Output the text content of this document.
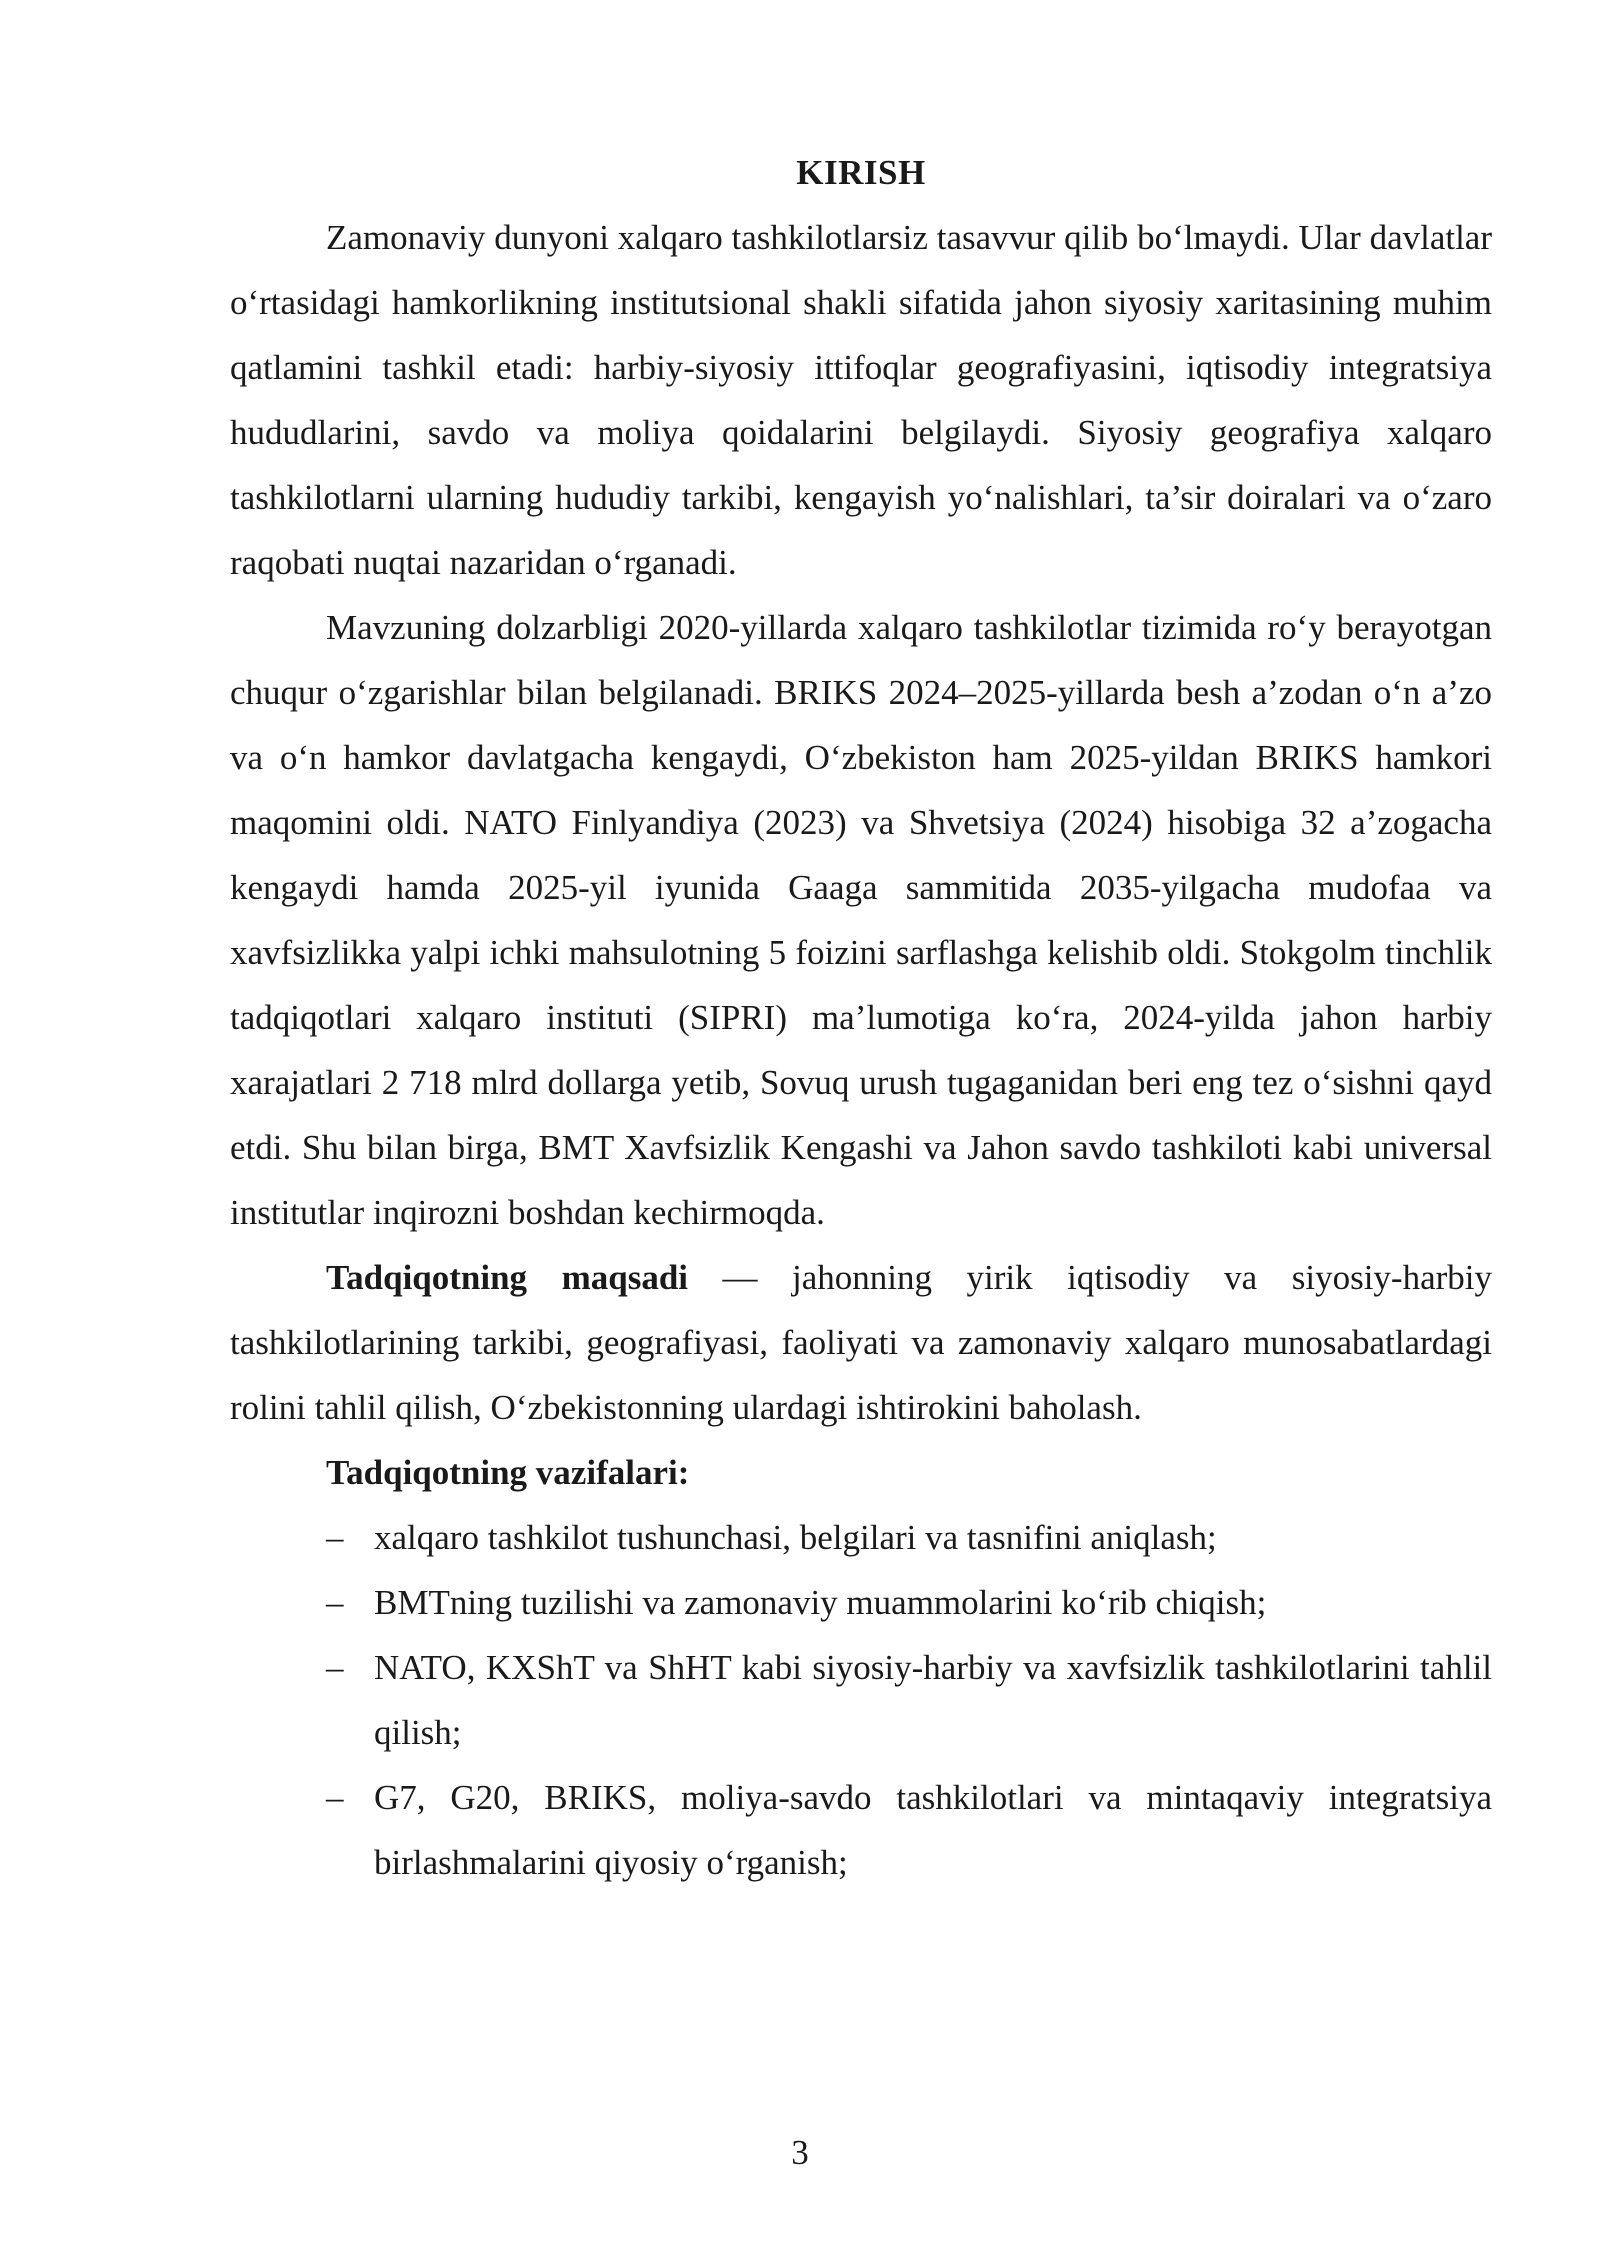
KIRISH

Zamonaviy dunyoni xalqaro tashkilotlarsiz tasavvur qilib bo‘lmaydi. Ular davlatlar o‘rtasidagi hamkorlikning institutsional shakli sifatida jahon siyosiy xaritasining muhim qatlamini tashkil etadi: harbiy-siyosiy ittifoqlar geografiyasini, iqtisodiy integratsiya hududlarini, savdo va moliya qoidalarini belgilaydi. Siyosiy geografiya xalqaro tashkilotlarni ularning hududiy tarkibi, kengayish yo‘nalishlari, ta’sir doiralari va o‘zaro raqobati nuqtai nazaridan o‘rganadi.

Mavzuning dolzarbligi 2020-yillarda xalqaro tashkilotlar tizimida ro‘y berayotgan chuqur o‘zgarishlar bilan belgilanadi. BRIKS 2024–2025-yillarda besh a’zodan o‘n a’zo va o‘n hamkor davlatgacha kengaydi, O‘zbekiston ham 2025-yildan BRIKS hamkori maqomini oldi. NATO Finlyandiya (2023) va Shvetsiya (2024) hisobiga 32 a’zogacha kengaydi hamda 2025-yil iyunida Gaaga sammitida 2035-yilgacha mudofaa va xavfsizlikka yalpi ichki mahsulotning 5 foizini sarflashga kelishib oldi. Stokgolm tinchlik tadqiqotlari xalqaro instituti (SIPRI) ma’lumotiga ko‘ra, 2024-yilda jahon harbiy xarajatlari 2 718 mlrd dollarga yetib, Sovuq urush tugaganidan beri eng tez o‘sishni qayd etdi. Shu bilan birga, BMT Xavfsizlik Kengashi va Jahon savdo tashkiloti kabi universal institutlar inqirozni boshdan kechirmoqda.

Tadqiqotning maqsadi — jahonning yirik iqtisodiy va siyosiy-harbiy tashkilotlarining tarkibi, geografiyasi, faoliyati va zamonaviy xalqaro munosabatlardagi rolini tahlil qilish, O‘zbekistonning ulardagi ishtirokini baholash.

Tadqiqotning vazifalari:

– xalqaro tashkilot tushunchasi, belgilari va tasnifini aniqlash;
– BMTning tuzilishi va zamonaviy muammolarini ko‘rib chiqish;
– NATO, KXShT va ShHT kabi siyosiy-harbiy va xavfsizlik tashkilotlarini tahlil qilish;
– G7, G20, BRIKS, moliya-savdo tashkilotlari va mintaqaviy integratsiya birlashmalarini qiyosiy o‘rganish;
3
